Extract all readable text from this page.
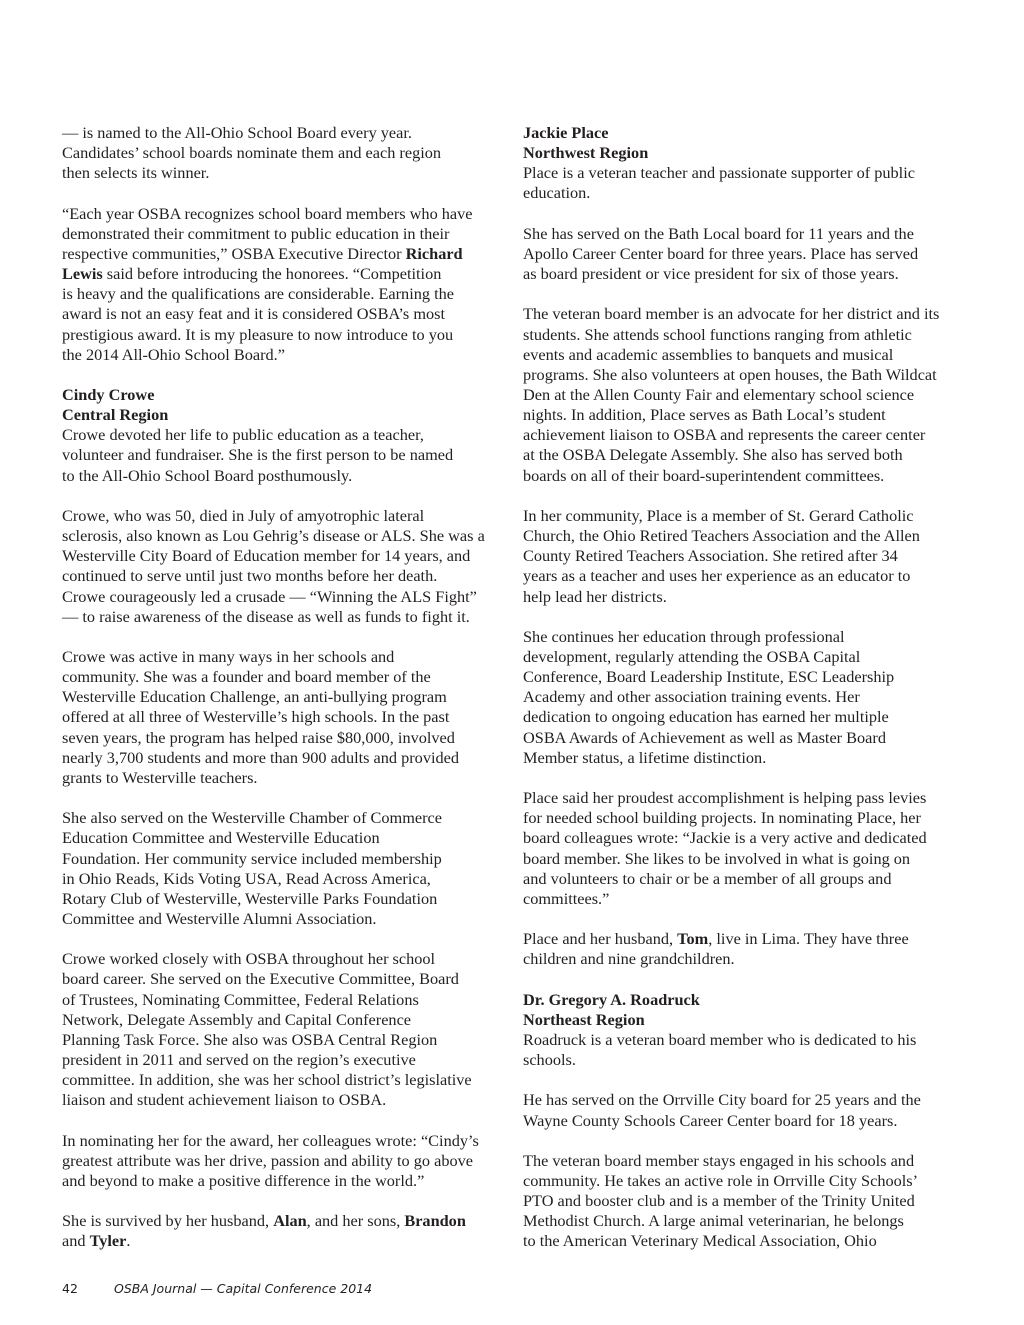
— is named to the All-Ohio School Board every year.
Candidates’ school boards nominate them and each region
then selects its winner.

“Each year OSBA recognizes school board members who have
demonstrated their commitment to public education in their
respective communities,” OSBA Executive Director Richard
Lewis said before introducing the honorees. “Competition
is heavy and the qualifications are considerable. Earning the
award is not an easy feat and it is considered OSBA’s most
prestigious award. It is my pleasure to now introduce to you
the 2014 All-Ohio School Board.”

Cindy Crowe
Central Region
Crowe devoted her life to public education as a teacher,
volunteer and fundraiser. She is the first person to be named
to the All-Ohio School Board posthumously.

Crowe, who was 50, died in July of amyotrophic lateral
sclerosis, also known as Lou Gehrig’s disease or ALS. She was a
Westerville City Board of Education member for 14 years, and
continued to serve until just two months before her death.
Crowe courageously led a crusade — “Winning the ALS Fight”
— to raise awareness of the disease as well as funds to fight it.

Crowe was active in many ways in her schools and
community. She was a founder and board member of the
Westerville Education Challenge, an anti-bullying program
offered at all three of Westerville’s high schools. In the past
seven years, the program has helped raise $80,000, involved
nearly 3,700 students and more than 900 adults and provided
grants to Westerville teachers.

She also served on the Westerville Chamber of Commerce
Education Committee and Westerville Education
Foundation. Her community service included membership
in Ohio Reads, Kids Voting USA, Read Across America,
Rotary Club of Westerville, Westerville Parks Foundation
Committee and Westerville Alumni Association.

Crowe worked closely with OSBA throughout her school
board career. She served on the Executive Committee, Board
of Trustees, Nominating Committee, Federal Relations
Network, Delegate Assembly and Capital Conference
Planning Task Force. She also was OSBA Central Region
president in 2011 and served on the region’s executive
committee. In addition, she was her school district’s legislative
liaison and student achievement liaison to OSBA.

In nominating her for the award, her colleagues wrote: “Cindy’s
greatest attribute was her drive, passion and ability to go above
and beyond to make a positive difference in the world.”

She is survived by her husband, Alan, and her sons, Brandon
and Tyler.

Jackie Place
Northwest Region
Place is a veteran teacher and passionate supporter of public
education.

She has served on the Bath Local board for 11 years and the
Apollo Career Center board for three years. Place has served
as board president or vice president for six of those years.

The veteran board member is an advocate for her district and its
students. She attends school functions ranging from athletic
events and academic assemblies to banquets and musical
programs. She also volunteers at open houses, the Bath Wildcat
Den at the Allen County Fair and elementary school science
nights. In addition, Place serves as Bath Local’s student
achievement liaison to OSBA and represents the career center
at the OSBA Delegate Assembly. She also has served both
boards on all of their board-superintendent committees.

In her community, Place is a member of St. Gerard Catholic
Church, the Ohio Retired Teachers Association and the Allen
County Retired Teachers Association. She retired after 34
years as a teacher and uses her experience as an educator to
help lead her districts.

She continues her education through professional
development, regularly attending the OSBA Capital
Conference, Board Leadership Institute, ESC Leadership
Academy and other association training events. Her
dedication to ongoing education has earned her multiple
OSBA Awards of Achievement as well as Master Board
Member status, a lifetime distinction.

Place said her proudest accomplishment is helping pass levies
for needed school building projects. In nominating Place, her
board colleagues wrote: “Jackie is a very active and dedicated
board member. She likes to be involved in what is going on
and volunteers to chair or be a member of all groups and
committees.”

Place and her husband, Tom, live in Lima. They have three
children and nine grandchildren.

Dr. Gregory A. Roadruck
Northeast Region
Roadruck is a veteran board member who is dedicated to his
schools.

He has served on the Orrville City board for 25 years and the
Wayne County Schools Career Center board for 18 years.

The veteran board member stays engaged in his schools and
community. He takes an active role in Orrville City Schools’
PTO and booster club and is a member of the Trinity United
Methodist Church. A large animal veterinarian, he belongs
to the American Veterinary Medical Association, Ohio

42	OSBA Journal — Capital Conference 2014
